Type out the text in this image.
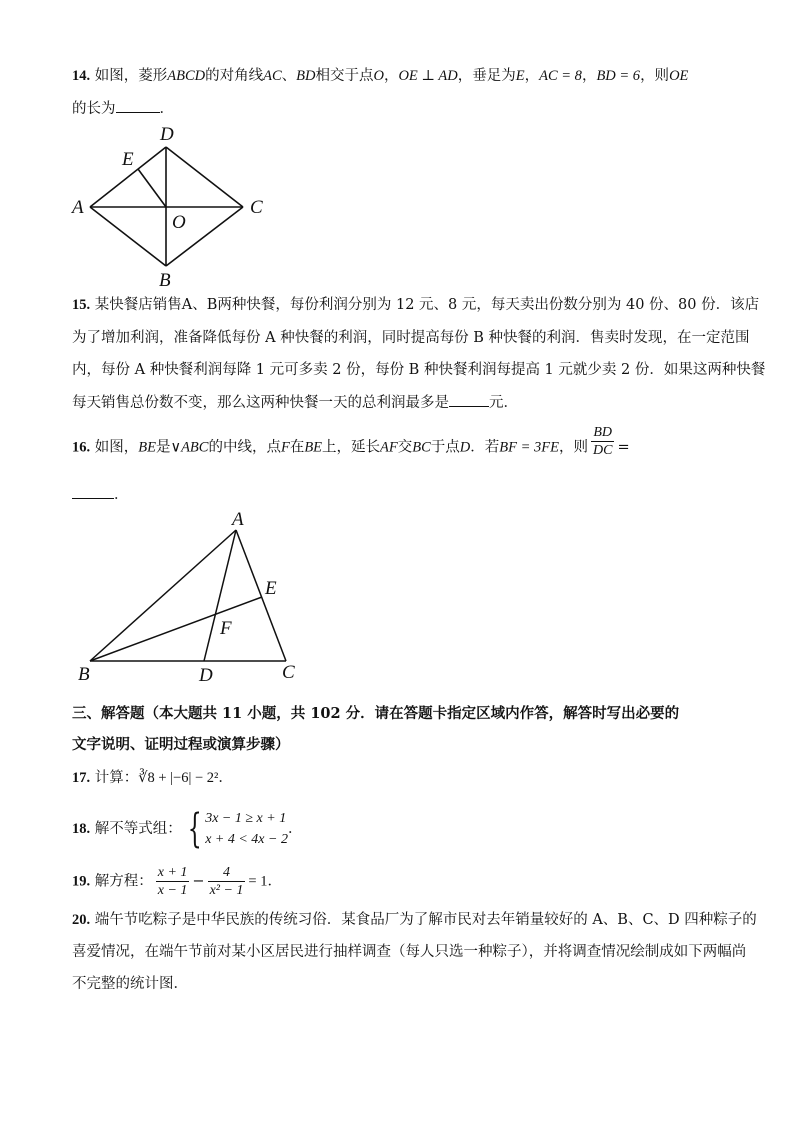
14. 如图，菱形ABCD的对角线AC、BD相交于点O，OE ⊥ AD，垂足为E，AC = 8，BD = 6，则OE
的长为	．
D
E
A	C
O
B
15. 某快餐店销售A、B两种快餐，每份利润分别为 12 元、8 元，每天卖出份数分别为 40 份、80 份．该店
为了增加利润，准备降低每份 A 种快餐的利润，同时提高每份 B 种快餐的利润．售卖时发现，在一定范围
内，每份 A 种快餐利润每降 1 元可多卖 2 份，每份 B 种快餐利润每提高 1 元就少卖 2 份．如果这两种快餐
每天销售总份数不变，那么这两种快餐一天的总利润最多是	元．
16. 如图，BE是∨ABC的中线，点F在BE上，延长AF交BC于点D．若BF = 3FE，则 $\frac{BD}{DC}$ =
．
A
E
F
B	D	C
三、解答题（本大题共 11 小题，共 102 分．请在答题卡指定区域内作答，解答时写出必要的
文字说明、证明过程或演算步骤）
17. 计算：∛8 + |−6| − 2²．
18. 解不等式组： { 3x − 1 ≥ x + 1
x + 4 < 4x − 2
．
19. 解方程： $\frac{x + 1}{x - 1} - \frac{4}{\text{x² − 1}} = 1$．
20. 端午节吃粽子是中华民族的传统习俗．某食品厂为了解市民对去年销量较好的 A、B、C、D 四种粽子的
喜爱情况，在端午节前对某小区居民进行抽样调查（每人只选一种粽子），并将调查情况绘制成如下两幅尚
不完整的统计图．
